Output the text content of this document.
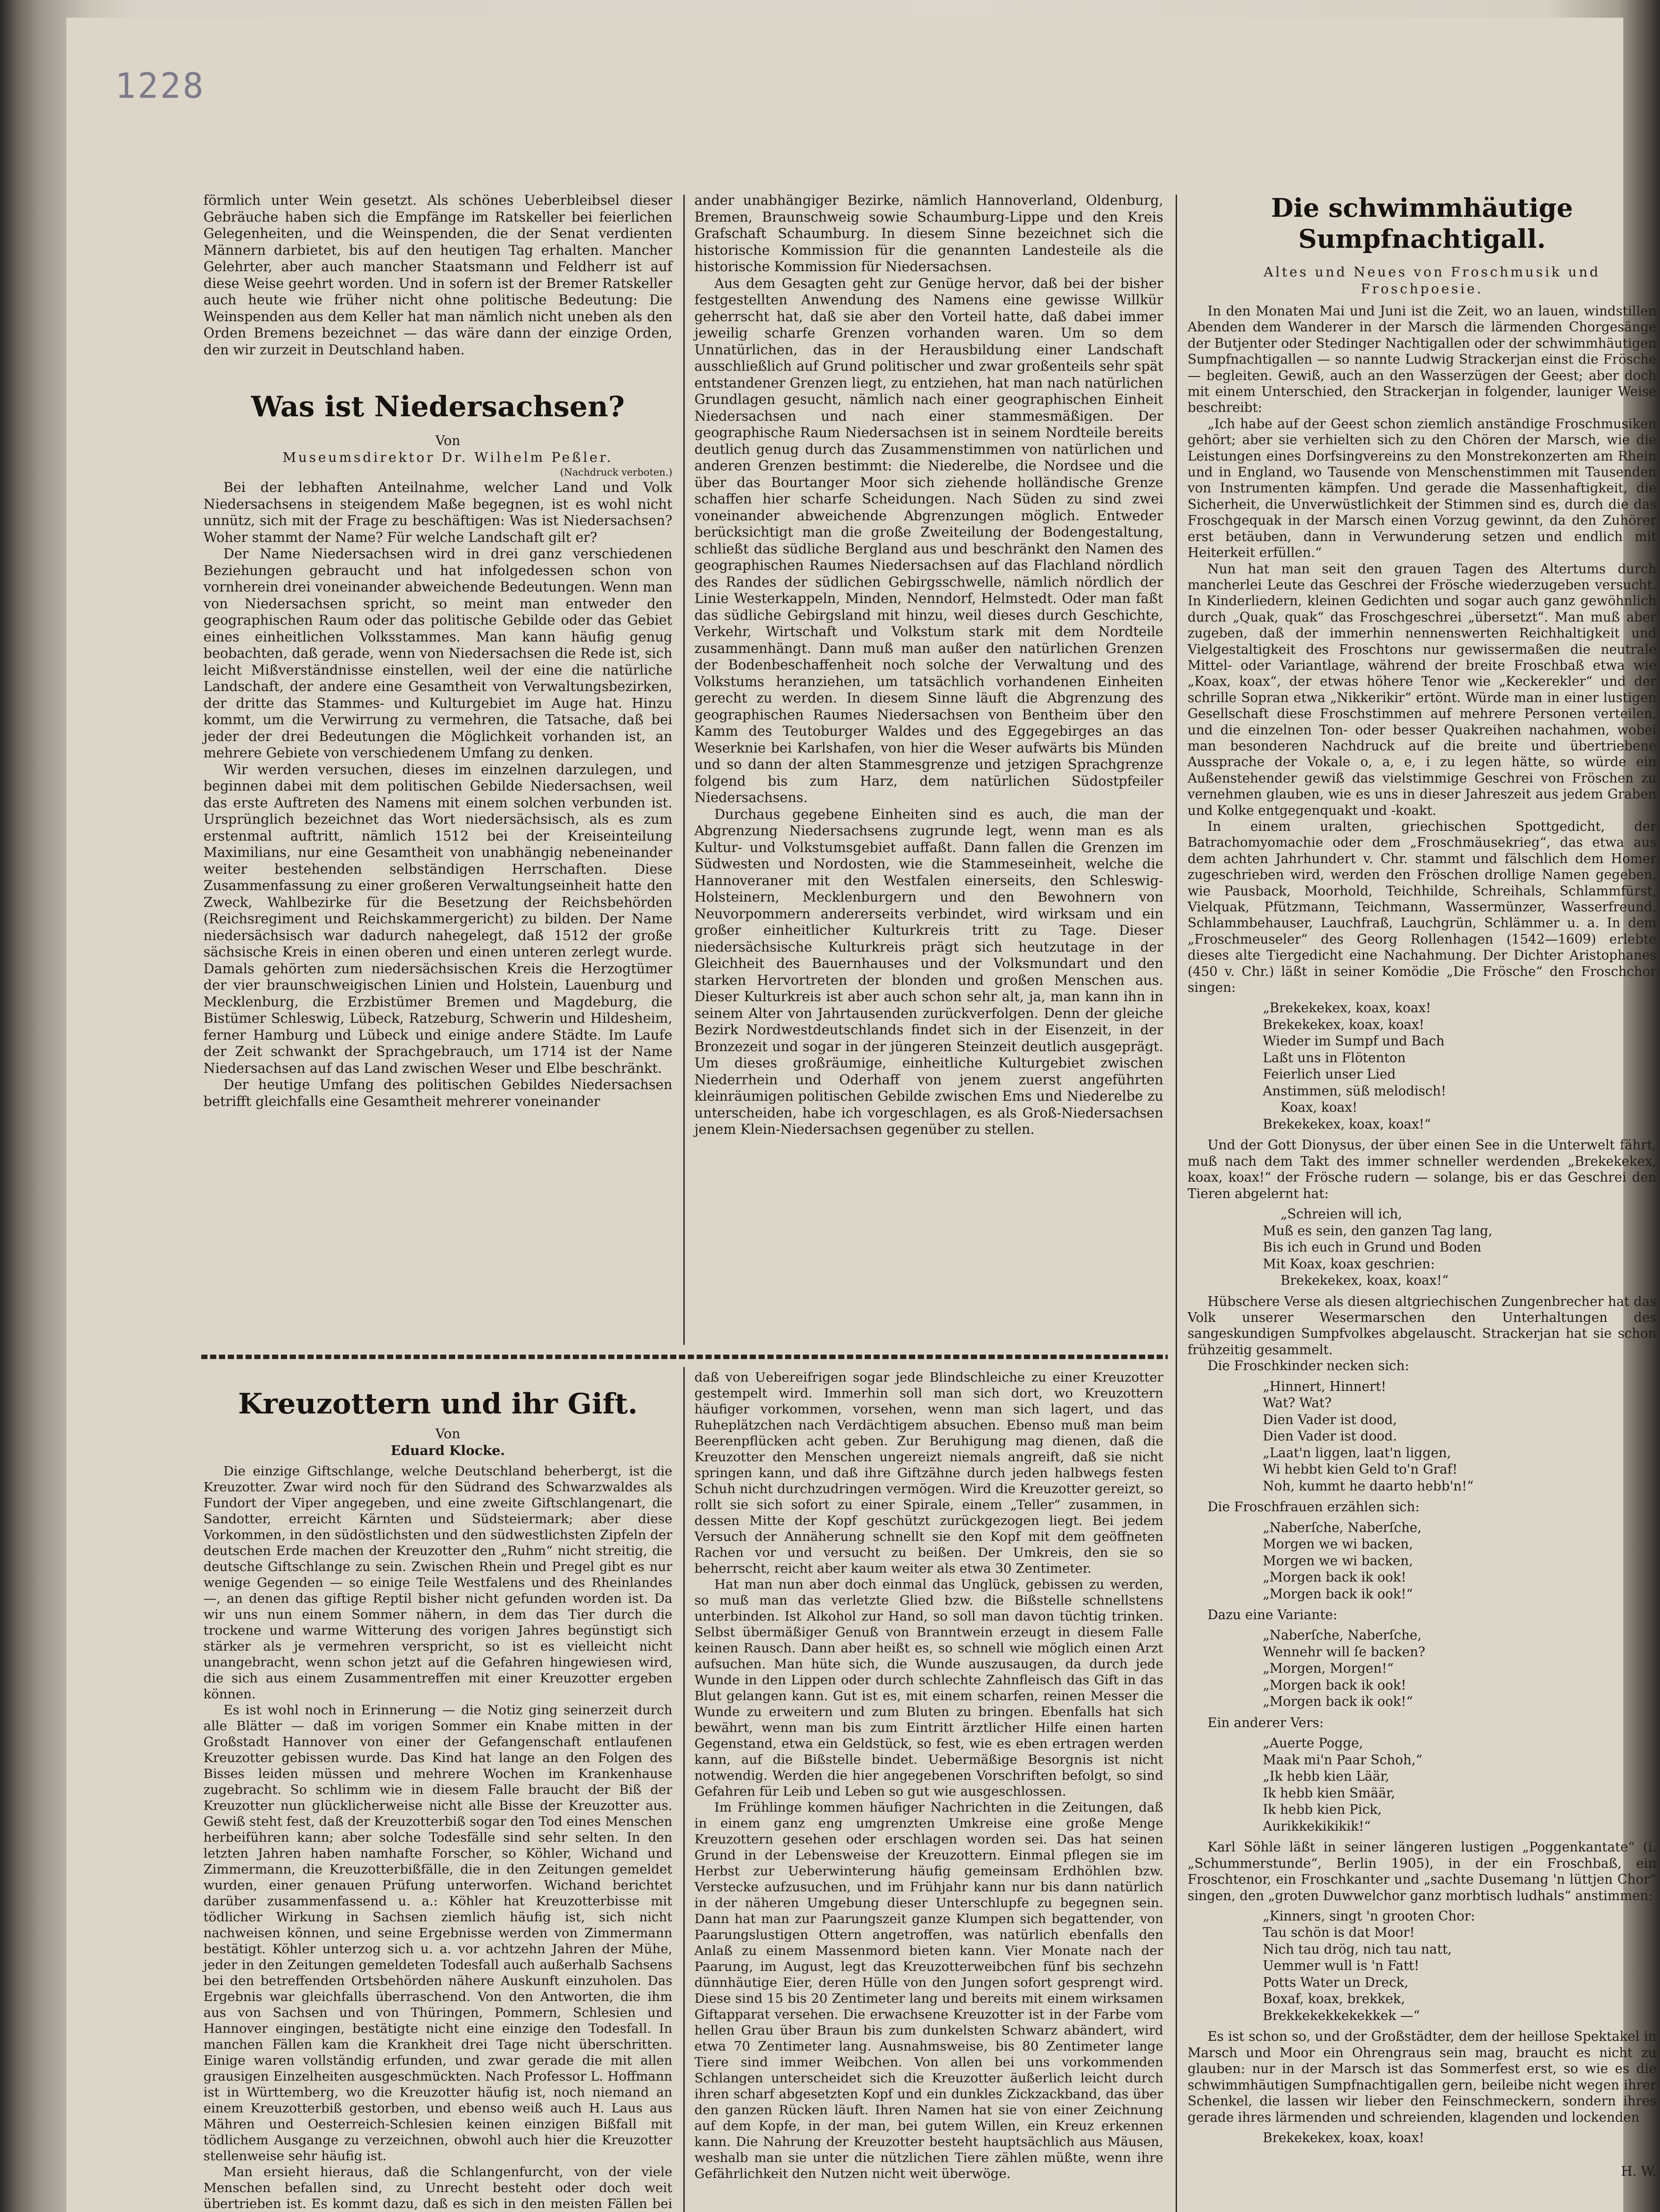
1228

förmlich unter Wein gesetzt. Als schönes Ueberbleibsel dieser Gebräuche haben sich die Empfänge im Ratskeller bei feierlichen Gelegenheiten, und die Weinspenden, die der Senat verdienten Männern darbietet, bis auf den heutigen Tag erhalten. Mancher Gelehrter, aber auch mancher Staatsmann und Feldherr ist auf diese Weise geehrt worden. Und in sofern ist der Bremer Ratskeller auch heute wie früher nicht ohne politische Bedeutung: Die Weinspenden aus dem Keller hat man nämlich nicht uneben als den Orden Bremens bezeichnet — das wäre dann der einzige Orden, den wir zurzeit in Deutschland haben.

Was ist Niedersachsen?

Von

Museumsdirektor Dr. Wilhelm Peßler.

(Nachdruck verboten.)

Bei der lebhaften Anteilnahme, welcher Land und Volk Niedersachsens in steigendem Maße begegnen, ist es wohl nicht unnütz, sich mit der Frage zu beschäftigen: Was ist Niedersachsen? Woher stammt der Name? Für welche Landschaft gilt er?

Der Name Niedersachsen wird in drei ganz verschiedenen Beziehungen gebraucht und hat infolgedessen schon von vornherein drei voneinander abweichende Bedeutungen. Wenn man von Niedersachsen spricht, so meint man entweder den geographischen Raum oder das politische Gebilde oder das Gebiet eines einheitlichen Volksstammes. Man kann häufig genug beobachten, daß gerade, wenn von Niedersachsen die Rede ist, sich leicht Mißverständnisse einstellen, weil der eine die natürliche Landschaft, der andere eine Gesamtheit von Verwaltungsbezirken, der dritte das Stammes- und Kulturgebiet im Auge hat. Hinzu kommt, um die Verwirrung zu vermehren, die Tatsache, daß bei jeder der drei Bedeutungen die Möglichkeit vorhanden ist, an mehrere Gebiete von verschiedenem Umfang zu denken.

Wir werden versuchen, dieses im einzelnen darzulegen, und beginnen dabei mit dem politischen Gebilde Niedersachsen, weil das erste Auftreten des Namens mit einem solchen verbunden ist. Ursprünglich bezeichnet das Wort niedersächsisch, als es zum erstenmal auftritt, nämlich 1512 bei der Kreiseinteilung Maximilians, nur eine Gesamtheit von unabhängig nebeneinander weiter bestehenden selbständigen Herrschaften. Diese Zusammenfassung zu einer großeren Verwaltungseinheit hatte den Zweck, Wahlbezirke für die Besetzung der Reichsbehörden (Reichsregiment und Reichskammergericht) zu bilden. Der Name niedersächsisch war dadurch nahegelegt, daß 1512 der große sächsische Kreis in einen oberen und einen unteren zerlegt wurde. Damals gehörten zum niedersächsischen Kreis die Herzogtümer der vier braunschweigischen Linien und Holstein, Lauenburg und Mecklenburg, die Erzbistümer Bremen und Magdeburg, die Bistümer Schleswig, Lübeck, Ratzeburg, Schwerin und Hildesheim, ferner Hamburg und Lübeck und einige andere Städte. Im Laufe der Zeit schwankt der Sprachgebrauch, um 1714 ist der Name Niedersachsen auf das Land zwischen Weser und Elbe beschränkt.

Der heutige Umfang des politischen Gebildes Niedersachsen betrifft gleichfalls eine Gesamtheit mehrerer voneinander

ander unabhängiger Bezirke, nämlich Hannoverland, Oldenburg, Bremen, Braunschweig sowie Schaumburg-Lippe und den Kreis Grafschaft Schaumburg. In diesem Sinne bezeichnet sich die historische Kommission für die genannten Landesteile als die historische Kommission für Niedersachsen.

Aus dem Gesagten geht zur Genüge hervor, daß bei der bisher festgestellten Anwendung des Namens eine gewisse Willkür geherrscht hat, daß sie aber den Vorteil hatte, daß dabei immer jeweilig scharfe Grenzen vorhanden waren. Um so dem Unnatürlichen, das in der Herausbildung einer Landschaft ausschließlich auf Grund politischer und zwar großenteils sehr spät entstandener Grenzen liegt, zu entziehen, hat man nach natürlichen Grundlagen gesucht, nämlich nach einer geographischen Einheit Niedersachsen und nach einer stammesmäßigen. Der geographische Raum Niedersachsen ist in seinem Nordteile bereits deutlich genug durch das Zusammenstimmen von natürlichen und anderen Grenzen bestimmt: die Niederelbe, die Nordsee und die über das Bourtanger Moor sich ziehende holländische Grenze schaffen hier scharfe Scheidungen. Nach Süden zu sind zwei voneinander abweichende Abgrenzungen möglich. Entweder berücksichtigt man die große Zweiteilung der Bodengestaltung, schließt das südliche Bergland aus und beschränkt den Namen des geographischen Raumes Niedersachsen auf das Flachland nördlich des Randes der südlichen Gebirgsschwelle, nämlich nördlich der Linie Westerkappeln, Minden, Nenndorf, Helmstedt. Oder man faßt das südliche Gebirgsland mit hinzu, weil dieses durch Geschichte, Verkehr, Wirtschaft und Volkstum stark mit dem Nordteile zusammenhängt. Dann muß man außer den natürlichen Grenzen der Bodenbeschaffenheit noch solche der Verwaltung und des Volkstums heranziehen, um tatsächlich vorhandenen Einheiten gerecht zu werden. In diesem Sinne läuft die Abgrenzung des geographischen Raumes Niedersachsen von Bentheim über den Kamm des Teutoburger Waldes und des Eggegebirges an das Weserknie bei Karlshafen, von hier die Weser aufwärts bis Münden und so dann der alten Stammesgrenze und jetzigen Sprachgrenze folgend bis zum Harz, dem natürlichen Südostpfeiler Niedersachsens.

Durchaus gegebene Einheiten sind es auch, die man der Abgrenzung Niedersachsens zugrunde legt, wenn man es als Kultur- und Volkstumsgebiet auffaßt. Dann fallen die Grenzen im Südwesten und Nordosten, wie die Stammeseinheit, welche die Hannoveraner mit den Westfalen einerseits, den Schleswig-Holsteinern, Mecklenburgern und den Bewohnern von Neuvorpommern andererseits verbindet, wird wirksam und ein großer einheitlicher Kulturkreis tritt zu Tage. Dieser niedersächsische Kulturkreis prägt sich heutzutage in der Gleichheit des Bauernhauses und der Volksmundart und den starken Hervortreten der blonden und großen Menschen aus. Dieser Kulturkreis ist aber auch schon sehr alt, ja, man kann ihn in seinem Alter von Jahrtausenden zurückverfolgen. Denn der gleiche Bezirk Nordwestdeutschlands findet sich in der Eisenzeit, in der Bronzezeit und sogar in der jüngeren Steinzeit deutlich ausgeprägt. Um dieses großräumige, einheitliche Kulturgebiet zwischen Niederrhein und Oderhaff von jenem zuerst angeführten kleinräumigen politischen Gebilde zwischen Ems und Niederelbe zu unterscheiden, habe ich vorgeschlagen, es als Groß-Niedersachsen jenem Klein-Niedersachsen gegenüber zu stellen.

Die schwimmhäutige Sumpfnachtigall.

Altes und Neues von Froschmusik und Froschpoesie.

In den Monaten Mai und Juni ist die Zeit, wo an lauen, windstillen Abenden dem Wanderer in der Marsch die lärmenden Chorgesänge der Butjenter oder Stedinger Nachtigallen oder der schwimmhäutigen Sumpfnachtigallen — so nannte Ludwig Strackerjan einst die Frösche — begleiten. Gewiß, auch an den Wasserzügen der Geest; aber doch mit einem Unterschied, den Strackerjan in folgender, launiger Weise beschreibt:

„Ich habe auf der Geest schon ziemlich anständige Froschmusiken gehört; aber sie verhielten sich zu den Chören der Marsch, wie die Leistungen eines Dorfsingvereins zu den Monstrekonzerten am Rhein und in England, wo Tausende von Menschenstimmen mit Tausenden von Instrumenten kämpfen. Und gerade die Massenhaftigkeit, die Sicherheit, die Unverwüstlichkeit der Stimmen sind es, durch die das Froschgequak in der Marsch einen Vorzug gewinnt, da den Zuhörer erst betäuben, dann in Verwunderung setzen und endlich mit Heiterkeit erfüllen.“

Nun hat man seit den grauen Tagen des Altertums durch mancherlei Leute das Geschrei der Frösche wiederzugeben versucht. In Kinderliedern, kleinen Gedichten und sogar auch ganz gewöhnlich durch „Quak, quak“ das Froschgeschrei „übersetzt“. Man muß aber zugeben, daß der immerhin nennenswerten Reichhaltigkeit und Vielgestaltigkeit des Froschtons nur gewissermaßen die neutrale Mittel- oder Variantlage, während der breite Froschbaß etwa wie „Koax, koax“, der etwas höhere Tenor wie „Keckerekler“ und der schrille Sopran etwa „Nikkerikir“ ertönt. Würde man in einer lustigen Gesellschaft diese Froschstimmen auf mehrere Personen verteilen, und die einzelnen Ton- oder besser Quakreihen nachahmen, wobei man besonderen Nachdruck auf die breite und übertriebene Aussprache der Vokale o, a, e, i zu legen hätte, so würde ein Außenstehender gewiß das vielstimmige Geschrei von Fröschen zu vernehmen glauben, wie es uns in dieser Jahreszeit aus jedem Graben und Kolke entgegenquakt und -koakt.

In einem uralten, griechischen Spottgedicht, der Batrachomyomachie oder dem „Froschmäusekrieg“, das etwa aus dem achten Jahrhundert v. Chr. stammt und fälschlich dem Homer zugeschrieben wird, werden den Fröschen drollige Namen gegeben, wie Pausback, Moorhold, Teichhilde, Schreihals, Schlammfürst, Vielquak, Pfützmann, Teichmann, Wassermünzer, Wasserfreund, Schlammbehauser, Lauchfraß, Lauchgrün, Schlämmer u. a. In dem „Froschmeuseler“ des Georg Rollenhagen (1542—1609) erlebte dieses alte Tiergedicht eine Nachahmung. Der Dichter Aristophanes (450 v. Chr.) läßt in seiner Komödie „Die Frösche“ den Froschchor singen:

„Brekekekex, koax, koax!
Brekekekex, koax, koax!
Wieder im Sumpf und Bach
Laßt uns in Flötenton
Feierlich unser Lied
Anstimmen, süß melodisch!
Koax, koax!
Brekekekex, koax, koax!“

Und der Gott Dionysus, der über einen See in die Unterwelt fährt, muß nach dem Takt des immer schneller werdenden „Brekekekex, koax, koax!“ der Frösche rudern — solange, bis er das Geschrei den Tieren abgelernt hat:

„Schreien will ich,
Muß es sein, den ganzen Tag lang,
Bis ich euch in Grund und Boden
Mit Koax, koax geschrien:
Brekekekex, koax, koax!“

Hübschere Verse als diesen altgriechischen Zungenbrecher hat das Volk unserer Wesermarschen den Unterhaltungen des sangeskundigen Sumpfvolkes abgelauscht. Strackerjan hat sie schon frühzeitig gesammelt.

Die Froschkinder necken sich:

„Hinnert, Hinnert!
Wat? Wat?
Dien Vader ist dood,
Dien Vader ist dood.
„Laat'n liggen, laat'n liggen,
Wi hebbt kien Geld to'n Graf!
Noh, kummt he daarto hebb'n!“

Die Froschfrauen erzählen sich:

„Naberſche, Naberſche,
Morgen we wi backen,
Morgen we wi backen,
„Morgen back ik ook!
„Morgen back ik ook!“

Dazu eine Variante:

„Naberſche, Naberſche,
Wennehr will ſe backen?
„Morgen, Morgen!“
„Morgen back ik ook!
„Morgen back ik ook!“

Ein anderer Vers:

„Auerte Pogge,
Maak mi'n Paar Schoh,“
„Ik hebb kien Läär,
Ik hebb kien Smäär,
Ik hebb kien Pick,
Aurikkekikikik!“

Karl Söhle läßt in seiner längeren lustigen „Poggenkantate“ (i. „Schummerstunde“, Berlin 1905), in der ein Froschbaß, ein Froschtenor, ein Froschkanter und „sachte Dusemang 'n lüttjen Chor“ singen, den „groten Duwwelchor ganz morbtisch ludhals“ anstimmen:

„Kinners, singt 'n grooten Chor:
Tau schön is dat Moor!
Nich tau drög, nich tau natt,
Uemmer wull is 'n Fatt!
Potts Water un Dreck,
Boxaf, koax, brekkek,
Brekkekekkekekkek —“

Es ist schon so, und der Großstädter, dem der heillose Spektakel in Marsch und Moor ein Ohrengraus sein mag, braucht es nicht zu glauben: nur in der Marsch ist das Sommerfest erst, so wie es die schwimmhäutigen Sumpfnachtigallen gern, beileibe nicht wegen ihrer Schenkel, die lassen wir lieber den Feinschmeckern, sondern ihres gerade ihres lärmenden und schreienden, klagenden und lockenden

Brekekekex, koax, koax!
H. W.
Kreuzottern und ihr Gift.

Von

Eduard Klocke.

Die einzige Giftschlange, welche Deutschland beherbergt, ist die Kreuzotter. Zwar wird noch für den Südrand des Schwarzwaldes als Fundort der Viper angegeben, und eine zweite Giftschlangenart, die Sandotter, erreicht Kärnten und Südsteiermark; aber diese Vorkommen, in den südöstlichsten und den südwestlichsten Zipfeln der deutschen Erde machen der Kreuzotter den „Ruhm“ nicht streitig, die deutsche Giftschlange zu sein. Zwischen Rhein und Pregel gibt es nur wenige Gegenden — so einige Teile Westfalens und des Rheinlandes —, an denen das giftige Reptil bisher nicht gefunden worden ist. Da wir uns nun einem Sommer nähern, in dem das Tier durch die trockene und warme Witterung des vorigen Jahres begünstigt sich stärker als je vermehren verspricht, so ist es vielleicht nicht unangebracht, wenn schon jetzt auf die Gefahren hingewiesen wird, die sich aus einem Zusammentreffen mit einer Kreuzotter ergeben können.

Es ist wohl noch in Erinnerung — die Notiz ging seinerzeit durch alle Blätter — daß im vorigen Sommer ein Knabe mitten in der Großstadt Hannover von einer der Gefangenschaft entlaufenen Kreuzotter gebissen wurde. Das Kind hat lange an den Folgen des Bisses leiden müssen und mehrere Wochen im Krankenhause zugebracht. So schlimm wie in diesem Falle braucht der Biß der Kreuzotter nun glücklicherweise nicht alle Bisse der Kreuzotter aus. Gewiß steht fest, daß der Kreuzotterbiß sogar den Tod eines Menschen herbeiführen kann; aber solche Todesfälle sind sehr selten. In den letzten Jahren haben namhafte Forscher, so Köhler, Wichand und Zimmermann, die Kreuzotterbißfälle, die in den Zeitungen gemeldet wurden, einer genauen Prüfung unterworfen. Wichand berichtet darüber zusammenfassend u. a.: Köhler hat Kreuzotterbisse mit tödlicher Wirkung in Sachsen ziemlich häufig ist, sich nicht nachweisen können, und seine Ergebnisse werden von Zimmermann bestätigt. Köhler unterzog sich u. a. vor achtzehn Jahren der Mühe, jeder in den Zeitungen gemeldeten Todesfall auch außerhalb Sachsens bei den betreffenden Ortsbehörden nähere Auskunft einzuholen. Das Ergebnis war gleichfalls überraschend. Von den Antworten, die ihm aus von Sachsen und von Thüringen, Pommern, Schlesien und Hannover eingingen, bestätigte nicht eine einzige den Todesfall. In manchen Fällen kam die Krankheit drei Tage nicht überschritten. Einige waren vollständig erfunden, und zwar gerade die mit allen grausigen Einzelheiten ausgeschmückten. Nach Professor L. Hoffmann ist in Württemberg, wo die Kreuzotter häufig ist, noch niemand an einem Kreuzotterbiß gestorben, und ebenso weiß auch H. Laus aus Mähren und Oesterreich-Schlesien keinen einzigen Bißfall mit tödlichem Ausgange zu verzeichnen, obwohl auch hier die Kreuzotter stellenweise sehr häufig ist.

Man ersieht hieraus, daß die Schlangenfurcht, von der viele Menschen befallen sind, zu Unrecht besteht oder doch weit übertrieben ist. Es kommt dazu, daß es sich in den meisten Fällen bei

daß von Uebereifrigen sogar jede Blindschleiche zu einer Kreuzotter gestempelt wird. Immerhin soll man sich dort, wo Kreuzottern häufiger vorkommen, vorsehen, wenn man sich lagert, und das Ruheplätzchen nach Verdächtigem absuchen. Ebenso muß man beim Beerenpflücken acht geben. Zur Beruhigung mag dienen, daß die Kreuzotter den Menschen ungereizt niemals angreift, daß sie nicht springen kann, und daß ihre Giftzähne durch jeden halbwegs festen Schuh nicht durchzudringen vermögen. Wird die Kreuzotter gereizt, so rollt sie sich sofort zu einer Spirale, einem „Teller“ zusammen, in dessen Mitte der Kopf geschützt zurückgezogen liegt. Bei jedem Versuch der Annäherung schnellt sie den Kopf mit dem geöffneten Rachen vor und versucht zu beißen. Der Umkreis, den sie so beherrscht, reicht aber kaum weiter als etwa 30 Zentimeter.

Hat man nun aber doch einmal das Unglück, gebissen zu werden, so muß man das verletzte Glied bzw. die Bißstelle schnellstens unterbinden. Ist Alkohol zur Hand, so soll man davon tüchtig trinken. Selbst übermäßiger Genuß von Branntwein erzeugt in diesem Falle keinen Rausch. Dann aber heißt es, so schnell wie möglich einen Arzt aufsuchen. Man hüte sich, die Wunde auszusaugen, da durch jede Wunde in den Lippen oder durch schlechte Zahnfleisch das Gift in das Blut gelangen kann. Gut ist es, mit einem scharfen, reinen Messer die Wunde zu erweitern und zum Bluten zu bringen. Ebenfalls hat sich bewährt, wenn man bis zum Eintritt ärztlicher Hilfe einen harten Gegenstand, etwa ein Geldstück, so fest, wie es eben ertragen werden kann, auf die Bißstelle bindet. Uebermäßige Besorgnis ist nicht notwendig. Werden die hier angegebenen Vorschriften befolgt, so sind Gefahren für Leib und Leben so gut wie ausgeschlossen.

Im Frühlinge kommen häufiger Nachrichten in die Zeitungen, daß in einem ganz eng umgrenzten Umkreise eine große Menge Kreuzottern gesehen oder erschlagen worden sei. Das hat seinen Grund in der Lebensweise der Kreuzottern. Einmal pflegen sie im Herbst zur Ueberwinterung häufig gemeinsam Erdhöhlen bzw. Verstecke aufzusuchen, und im Frühjahr kann nur bis dann natürlich in der näheren Umgebung dieser Unterschlupfe zu begegnen sein. Dann hat man zur Paarungszeit ganze Klumpen sich begattender, von Paarungslustigen Ottern angetroffen, was natürlich ebenfalls den Anlaß zu einem Massenmord bieten kann. Vier Monate nach der Paarung, im August, legt das Kreuzotterweibchen fünf bis sechzehn dünnhäutige Eier, deren Hülle von den Jungen sofort gesprengt wird. Diese sind 15 bis 20 Zentimeter lang und bereits mit einem wirksamen Giftapparat versehen. Die erwachsene Kreuzotter ist in der Farbe vom hellen Grau über Braun bis zum dunkelsten Schwarz abändert, wird etwa 70 Zentimeter lang. Ausnahmsweise, bis 80 Zentimeter lange Tiere sind immer Weibchen. Von allen bei uns vorkommenden Schlangen unterscheidet sich die Kreuzotter äußerlich leicht durch ihren scharf abgesetzten Kopf und ein dunkles Zickzackband, das über den ganzen Rücken läuft. Ihren Namen hat sie von einer Zeichnung auf dem Kopfe, in der man, bei gutem Willen, ein Kreuz erkennen kann. Die Nahrung der Kreuzotter besteht hauptsächlich aus Mäusen, weshalb man sie unter die nützlichen Tiere zählen müßte, wenn ihre Gefährlichkeit den Nutzen nicht weit überwöge.
